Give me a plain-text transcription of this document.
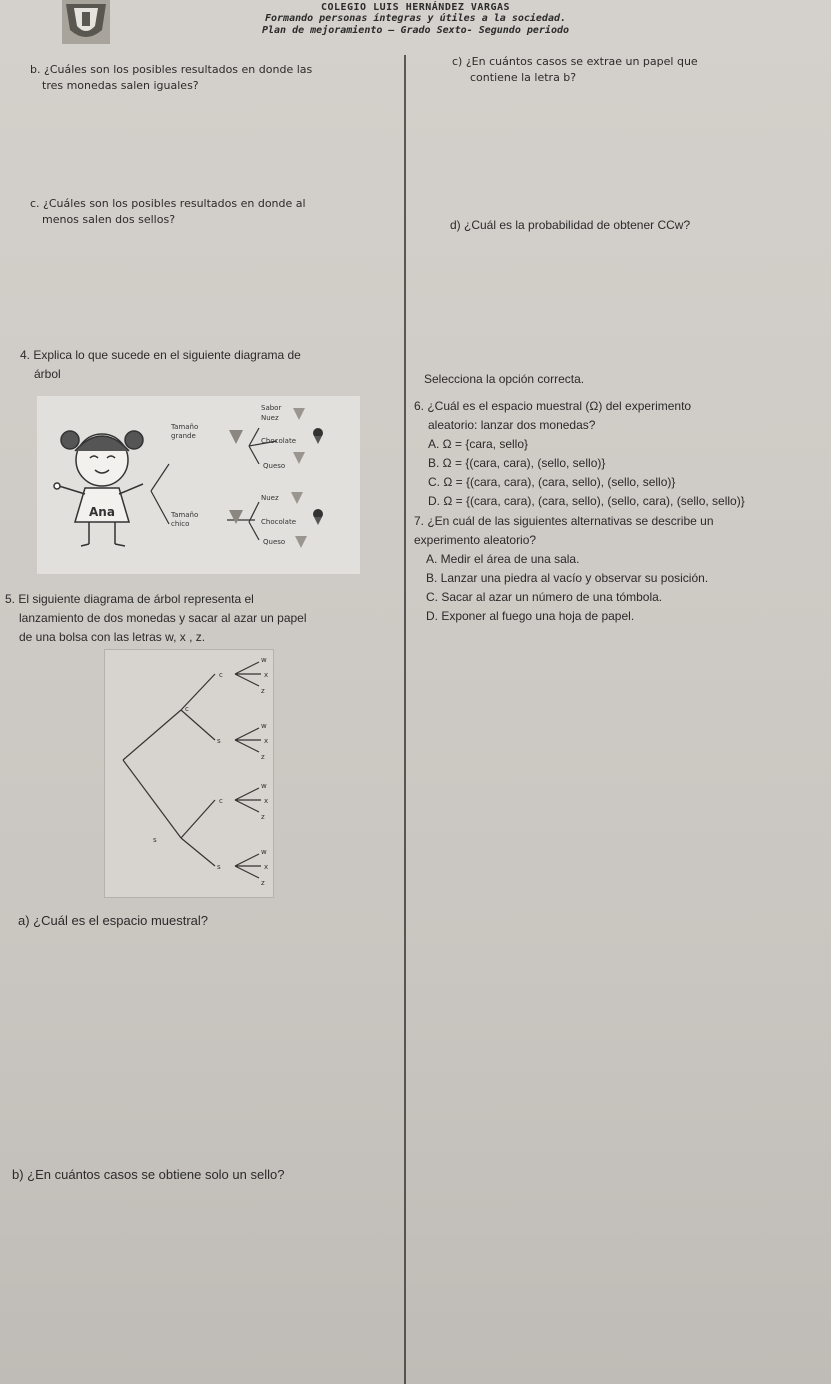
COLEGIO LUIS HERNÁNDEZ VARGAS
Formando personas íntegras y útiles a la sociedad.
Plan de mejoramiento – Grado Sexto- Segundo periodo
b. ¿Cuáles son los posibles resultados en donde las
tres monedas salen iguales?
c. ¿Cuáles son los posibles resultados en donde al
menos salen dos sellos?
4. Explica lo que sucede en el siguiente diagrama de
árbol
Ana
Tamaño
grande
Tamaño
chico
Sabor
Nuez
Chocolate
Queso
Nuez
Chocolate
Queso
5. El siguiente diagrama de árbol representa el
lanzamiento de dos monedas y sacar al azar un papel
de una bolsa con las letras w, x , z.
c
s
c
s
c
s
w
x
z
w
x
z
w
x
z
w
x
z
a) ¿Cuál es el espacio muestral?
b) ¿En cuántos casos se obtiene solo un sello?
c) ¿En cuántos casos se extrae un papel que
contiene la letra b?
d) ¿Cuál es la probabilidad de obtener CCw?
Selecciona la opción correcta.
6. ¿Cuál es el espacio muestral (Ω) del experimento
aleatorio: lanzar dos monedas?
A. Ω = {cara, sello}
B. Ω = {(cara, cara), (sello, sello)}
C. Ω = {(cara, cara), (cara, sello), (sello, sello)}
D. Ω = {(cara, cara), (cara, sello), (sello, cara), (sello, sello)}
7. ¿En cuál de las siguientes alternativas se describe un
experimento aleatorio?
A. Medir el área de una sala.
B. Lanzar una piedra al vacío y observar su posición.
C. Sacar al azar un número de una tómbola.
D. Exponer al fuego una hoja de papel.
